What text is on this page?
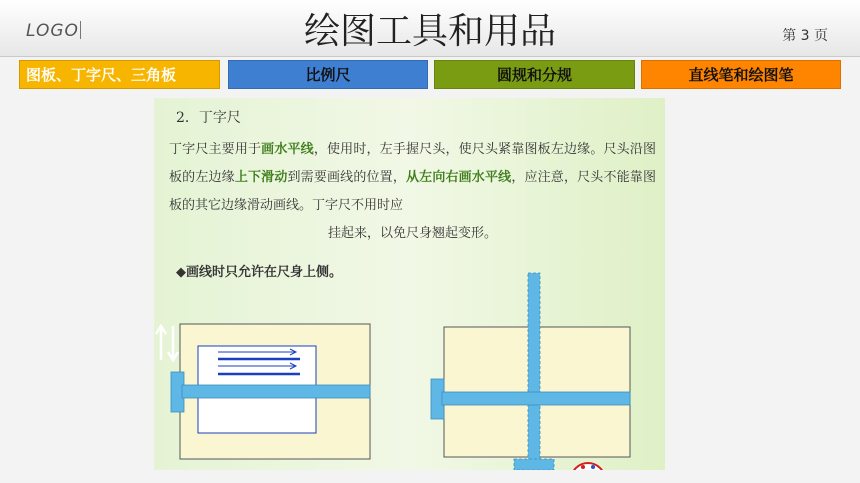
LOGO	绘图工具和用品	第 3 页
图板、丁字尺、三角板	比例尺	圆规和分规	直线笔和绘图笔
2．丁字尺
丁字尺主要用于画水平线，使用时，左手握尺头，使尺头紧靠图板左边缘。尺头沿图板的左边缘上下滑动到需要画线的位置，从左向右画水平线，应注意，尺头不能靠图板的其它边缘滑动画线。丁字尺不用时应
挂起来，以免尺身翘起变形。
◆画线时只允许在尺身上侧。
